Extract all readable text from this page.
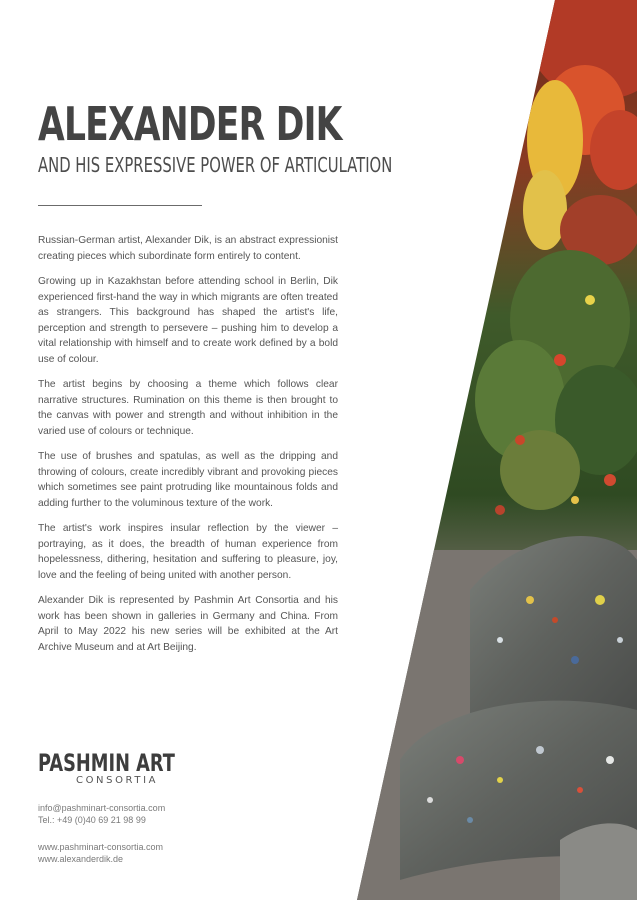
ALEXANDER DIK
AND HIS EXPRESSIVE POWER OF ARTICULATION

Russian-German artist, Alexander Dik, is an abstract expressionist creating pieces which subordinate form entirely to content.

Growing up in Kazakhstan before attending school in Berlin, Dik experienced first-hand the way in which migrants are often treated as strangers. This background has shaped the artist's life, perception and strength to persevere – pushing him to develop a vital relationship with himself and to create work defined by a bold use of colour.

The artist begins by choosing a theme which follows clear narrative structures. Rumination on this theme is then brought to the canvas with power and strength and without inhibition in the varied use of colours or technique.

The use of brushes and spatulas, as well as the dripping and throwing of colours, create incredibly vibrant and provoking pieces which sometimes see paint protruding like mountainous folds and adding further to the voluminous texture of the work.

The artist's work inspires insular reflection by the viewer – portraying, as it does, the breadth of human experience from hopelessness, dithering, hesitation and suffering to pleasure, joy, love and the feeling of being united with another person.

Alexander Dik is represented by Pashmin Art Consortia and his work has been shown in galleries in Germany and China. From April to May 2022 his new series will be exhibited at the Art Archive Museum and at Art Beijing.

PASHMIN ART
CONSORTIA
info@pashminart-consortia.com
Tel.: +49 (0)40 69 21 98 99
www.pashminart-consortia.com
www.alexanderdik.de
